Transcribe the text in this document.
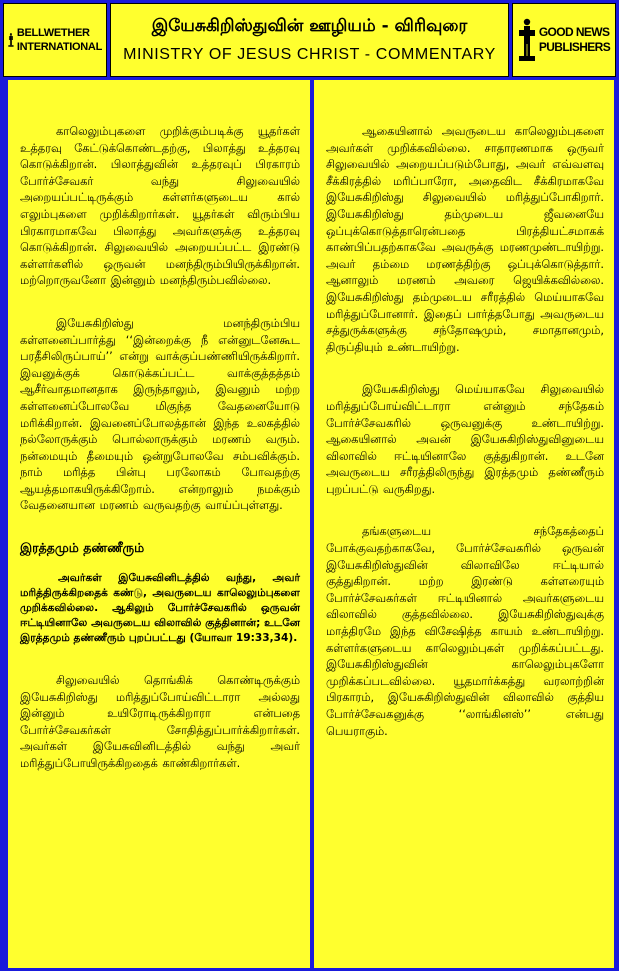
BELLWETHER
INTERNATIONAL
இயேசுகிறிஸ்துவின் ஊழியம் - விரிவுரை
MINISTRY OF JESUS CHRIST - COMMENTARY
GOOD NEWS
PUBLISHERS

காலெலும்புகளை முறிக்கும்படிக்கு யூதர்கள் உத்தரவு கேட்டுக்கொண்டதற்கு, பிலாத்து உத்தரவு கொடுக்கிறான். பிலாத்துவின் உத்தரவுப் பிரகாரம் போர்ச்சேவகர் வந்து சிலுவையில் அறையப்பட்டிருக்கும் கள்ளர்களுடைய கால் எலும்புகளை முறிக்கிறார்கள். யூதர்கள் விரும்பிய பிரகாரமாகவே பிலாத்து அவர்களுக்கு உத்தரவு கொடுக்கிறான். சிலுவையில் அறையப்பட்ட இரண்டு கள்ளர்களில் ஒருவன் மனந்திரும்பியிருக்கிறான். மற்றொருவனோ இன்னும் மனந்திரும்பவில்லை.

இயேசுகிறிஸ்து மனந்திரும்பிய கள்ளனைப்பார்த்து ‘‘இன்றைக்கு நீ என்னுடனேகூட பரதீசிலிருப்பாய்’’ என்று வாக்குப்பண்ணியிருக்கிறார். இவனுக்குக் கொடுக்கப்பட்ட வாக்குத்தத்தம் ஆசீர்வாதமானதாக இருந்தாலும், இவனும் மற்ற கள்ளனைப்போலவே மிகுந்த வேதனையோடு மரிக்கிறான். இவனைப்போலத்தான் இந்த உலகத்தில் நல்லோருக்கும் பொல்லாருக்கும் மரணம் வரும். நன்மையும் தீமையும் ஒன்றுபோலவே சம்பவிக்கும். நாம் மரித்த பின்பு பரலோகம் போவதற்கு ஆயத்தமாகயிருக்கிறோம். என்றாலும் நமக்கும் வேதனையான மரணம் வருவதற்கு வாய்ப்புள்ளது.

இரத்தமும் தண்ணீரும்

அவர்கள் இயேசுவினிடத்தில் வந்து, அவர் மரித்திருக்கிறதைக் கண்டு, அவருடைய காலெலும்புகளை முறிக்கவில்லை. ஆகிலும் போர்ச்சேவகரில் ஒருவன் ஈட்டியினாலே அவருடைய விலாவில் குத்தினான்; உடனே இரத்தமும் தண்ணீரும் புறப்பட்டது (யோவா 19:33,34).

சிலுவையில் தொங்கிக் கொண்டிருக்கும் இயேசுகிறிஸ்து மரித்துப்போய்விட்டாரா அல்லது இன்னும் உயிரோடிருக்கிறாரா என்பதை போர்ச்சேவகர்கள் சோதித்துப்பார்க்கிறார்கள். அவர்கள் இயேசுவினிடத்தில் வந்து அவர் மரித்துப்போயிருக்கிறதைக் காண்கிறார்கள்.

ஆகையினால் அவருடைய காலெலும்புகளை அவர்கள் முறிக்கவில்லை. சாதாரணமாக ஒருவர் சிலுவையில் அறையப்படும்போது, அவர் எவ்வளவு சீக்கிரத்தில் மரிப்பாரோ, அதைவிட சீக்கிரமாகவே இயேசுகிறிஸ்து சிலுவையில் மரித்துப்போகிறார். இயேசுகிறிஸ்து தம்முடைய ஜீவனையே ஒப்புக்கொடுத்தாரென்பதை பிரத்தியட்சமாகக் காண்பிப்பதற்காகவே அவருக்கு மரணமுண்டாயிற்று. அவர் தம்மை மரணத்திற்கு ஒப்புக்கொடுத்தார். ஆனாலும் மரணம் அவரை ஜெயிக்கவில்லை. இயேசுகிறிஸ்து தம்முடைய சரீரத்தில் மெய்யாகவே மரித்துப்போனார். இதைப் பார்த்தபோது அவருடைய சத்துருக்களுக்கு சந்தோஷமும், சமாதானமும், திருப்தியும் உண்டாயிற்று.

இயேசுகிறிஸ்து மெய்யாகவே சிலுவையில் மரித்துப்போய்விட்டாரா என்னும் சந்தேகம் போர்ச்சேவகரில் ஒருவனுக்கு உண்டாயிற்று. ஆகையினால் அவன் இயேசுகிறிஸ்துவினுடைய விலாவில் ஈட்டியினாலே குத்துகிறான். உடனே அவருடைய சரீரத்திலிருந்து இரத்தமும் தண்ணீரும் புறப்பட்டு வருகிறது.

தங்களுடைய சந்தேகத்தைப் போக்குவதற்காகவே, போர்ச்சேவகரில் ஒருவன் இயேசுகிறிஸ்துவின் விலாவிலே ஈட்டியால் குத்துகிறான். மற்ற இரண்டு கள்ளரையும் போர்ச்சேவகர்கள் ஈட்டியினால் அவர்களுடைய விலாவில் குத்தவில்லை. இயேசுகிறிஸ்துவுக்கு மாத்திரமே இந்த விசேஷித்த காயம் உண்டாயிற்று. கள்ளர்களுடைய காலெலும்புகள் முறிக்கப்பட்டது. இயேசுகிறிஸ்துவின் காலெலும்புகளோ முறிக்கப்படவில்லை. யூதமார்க்கத்து வரலாற்றின் பிரகாரம், இயேசுகிறிஸ்துவின் விலாவில் குத்திய போர்ச்சேவகனுக்கு ‘‘லாங்கினஸ்’’ என்பது பெயராகும்.
